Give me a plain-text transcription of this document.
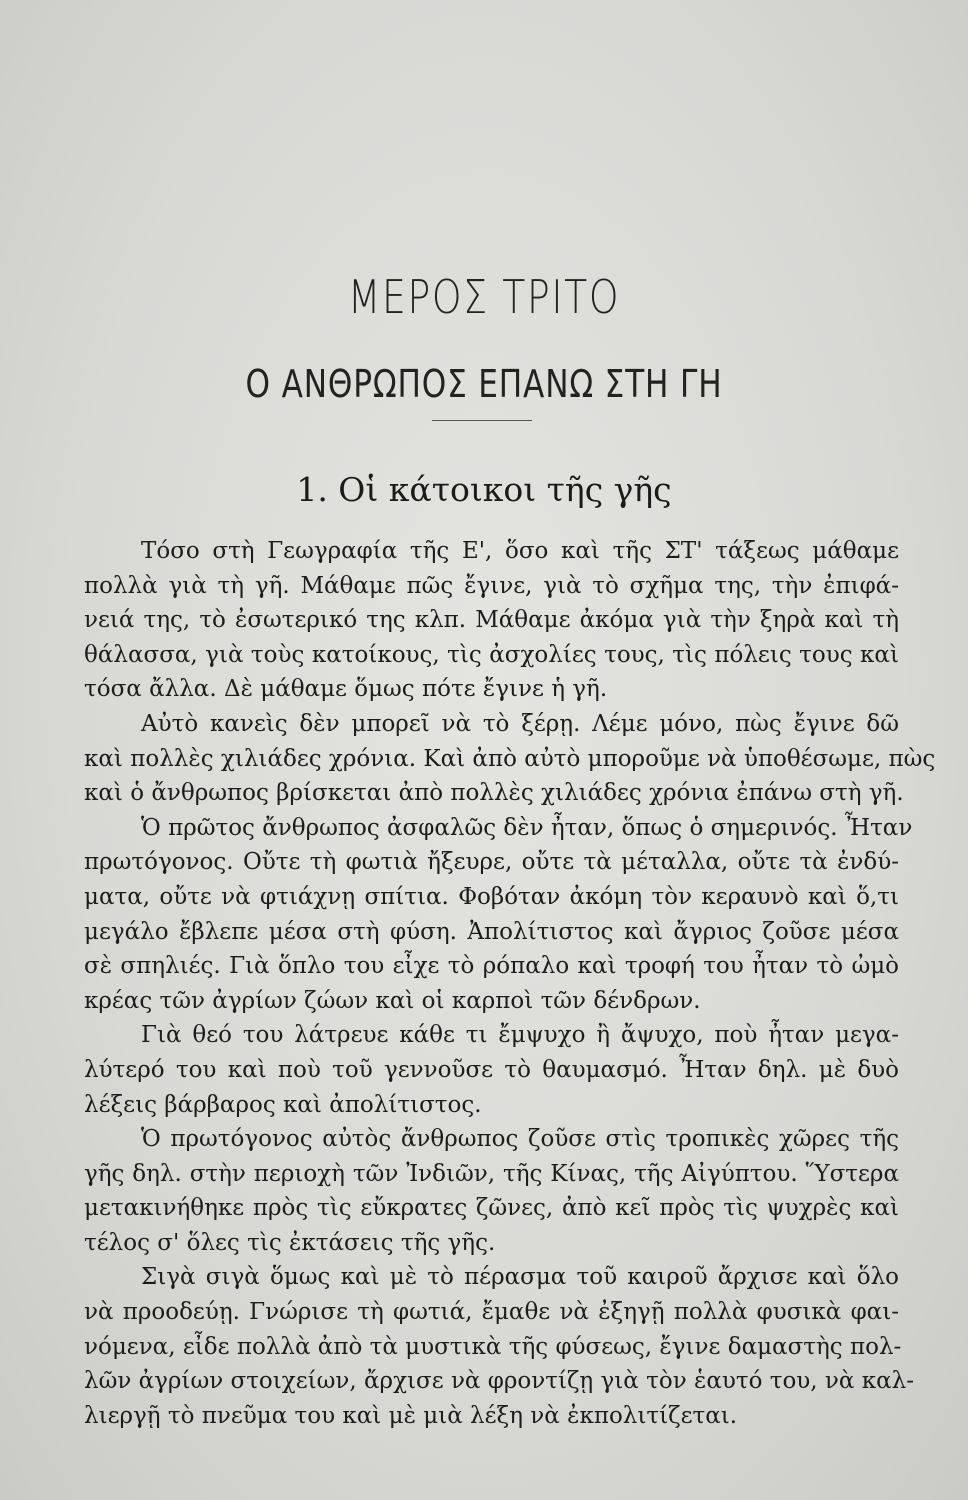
ΜΕΡΟΣ ΤΡΙΤΟ
Ο ΑΝΘΡΩΠΟΣ ΕΠΑΝΩ ΣΤΗ ΓΗ
1. Οἱ κάτοικοι τῆς γῆς
Τόσο στὴ Γεωγραφία τῆς Ε', ὅσο καὶ τῆς ΣΤ' τάξεως μάθαμε
πολλὰ γιὰ τὴ γῆ. Μάθαμε πῶς ἔγινε, γιὰ τὸ σχῆμα της, τὴν ἐπιφά-
νειά της, τὸ ἐσωτερικό της κλπ. Μάθαμε ἀκόμα γιὰ τὴν ξηρὰ καὶ τὴ
θάλασσα, γιὰ τοὺς κατοίκους, τὶς ἀσχολίες τους, τὶς πόλεις τους καὶ
τόσα ἄλλα. Δὲ μάθαμε ὅμως πότε ἔγινε ἡ γῆ.
Αὐτὸ κανεὶς δὲν μπορεῖ νὰ τὸ ξέρῃ. Λέμε μόνο, πὼς ἔγινε δῶ
καὶ πολλὲς χιλιάδες χρόνια. Καὶ ἀπὸ αὐτὸ μποροῦμε νὰ ὑποθέσωμε, πὼς
καὶ ὁ ἄνθρωπος βρίσκεται ἀπὸ πολλὲς χιλιάδες χρόνια ἐπάνω στὴ γῆ.
Ὁ πρῶτος ἄνθρωπος ἀσφαλῶς δὲν ἦταν, ὅπως ὁ σημερινός. Ἦταν
πρωτόγονος. Οὔτε τὴ φωτιὰ ἤξευρε, οὔτε τὰ μέταλλα, οὔτε τὰ ἐνδύ-
ματα, οὔτε νὰ φτιάχνῃ σπίτια. Φοβόταν ἀκόμη τὸν κεραυνὸ καὶ ὅ,τι
μεγάλο ἔβλεπε μέσα στὴ φύση. Ἀπολίτιστος καὶ ἄγριος ζοῦσε μέσα
σὲ σπηλιές. Γιὰ ὅπλο του εἶχε τὸ ρόπαλο καὶ τροφή του ἦταν τὸ ὠμὸ
κρέας τῶν ἀγρίων ζώων καὶ οἱ καρποὶ τῶν δένδρων.
Γιὰ θεό του λάτρευε κάθε τι ἔμψυχο ἢ ἄψυχο, ποὺ ἦταν μεγα-
λύτερό του καὶ ποὺ τοῦ γεννοῦσε τὸ θαυμασμό. Ἦταν δηλ. μὲ δυὸ
λέξεις βάρβαρος καὶ ἀπολίτιστος.
Ὁ πρωτόγονος αὐτὸς ἄνθρωπος ζοῦσε στὶς τροπικὲς χῶρες τῆς
γῆς δηλ. στὴν περιοχὴ τῶν Ἰνδιῶν, τῆς Κίνας, τῆς Αἰγύπτου. Ὕστερα
μετακινήθηκε πρὸς τὶς εὔκρατες ζῶνες, ἀπὸ κεῖ πρὸς τὶς ψυχρὲς καὶ
τέλος σ' ὅλες τὶς ἐκτάσεις τῆς γῆς.
Σιγὰ σιγὰ ὅμως καὶ μὲ τὸ πέρασμα τοῦ καιροῦ ἄρχισε καὶ ὅλο
νὰ προοδεύῃ. Γνώρισε τὴ φωτιά, ἔμαθε νὰ ἐξηγῇ πολλὰ φυσικὰ φαι-
νόμενα, εἶδε πολλὰ ἀπὸ τὰ μυστικὰ τῆς φύσεως, ἔγινε δαμαστὴς πολ-
λῶν ἀγρίων στοιχείων, ἄρχισε νὰ φροντίζῃ γιὰ τὸν ἑαυτό του, νὰ καλ-
λιεργῇ τὸ πνεῦμα του καὶ μὲ μιὰ λέξη νὰ ἐκπολιτίζεται.
